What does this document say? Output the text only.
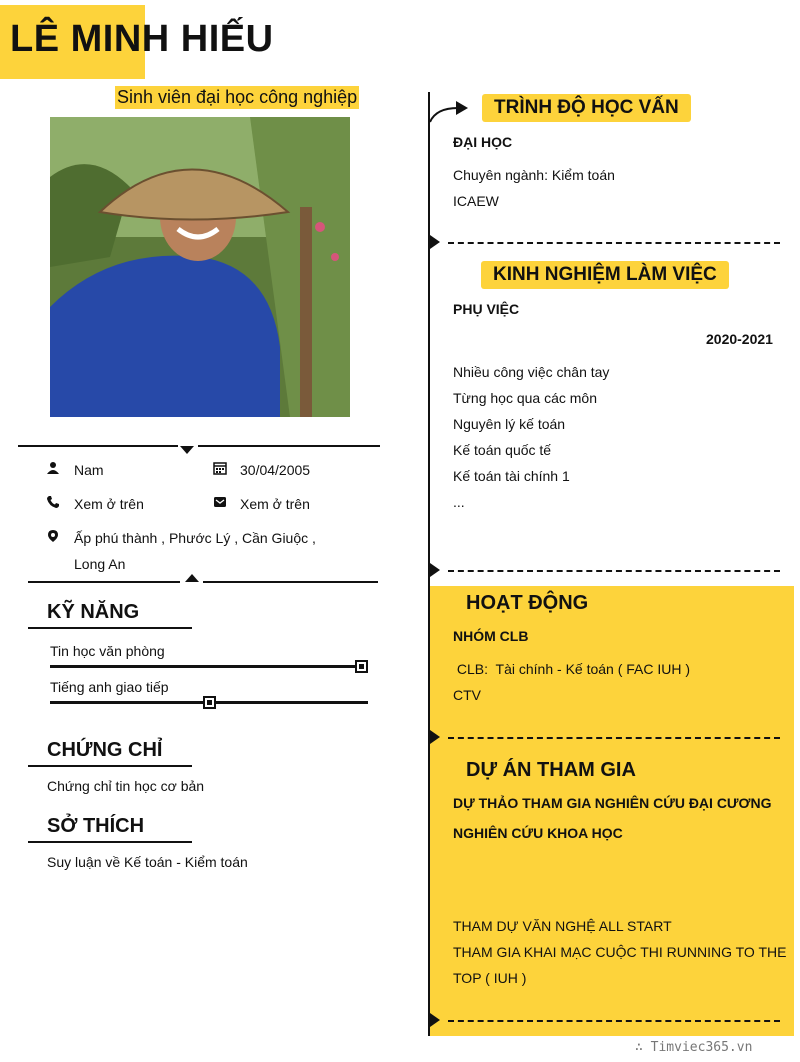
LÊ MINH HIẾU
Sinh viên đại học công nghiệp
Nam	30/04/2005
Xem ở trên	Xem ở trên
Ấp phú thành , Phước Lý , Cần Giuộc ,
Long An
KỸ NĂNG
Tin học văn phòng
Tiếng anh giao tiếp
CHỨNG CHỈ
Chứng chỉ tin học cơ bản
SỞ THÍCH
Suy luận về Kế toán - Kiểm toán
TRÌNH ĐỘ HỌC VẤN
ĐẠI HỌC
Chuyên ngành: Kiểm toán
ICAEW
KINH NGHIỆM LÀM VIỆC
PHỤ VIỆC
2020-2021
Nhiều công việc chân tay
Từng học qua các môn
Nguyên lý kế toán
Kế toán quốc tế
Kế toán tài chính 1
...
HOẠT ĐỘNG
NHÓM CLB
CLB:  Tài chính - Kế toán ( FAC IUH )
CTV
DỰ ÁN THAM GIA
DỰ THẢO THAM GIA NGHIÊN CỨU ĐẠI CƯƠNG
NGHIÊN CỨU KHOA HỌC
THAM DỰ VĂN NGHỆ ALL START
THAM GIA KHAI MẠC CUỘC THI RUNNING TO THE
TOP ( IUH )
∴ Timviec365.vn
